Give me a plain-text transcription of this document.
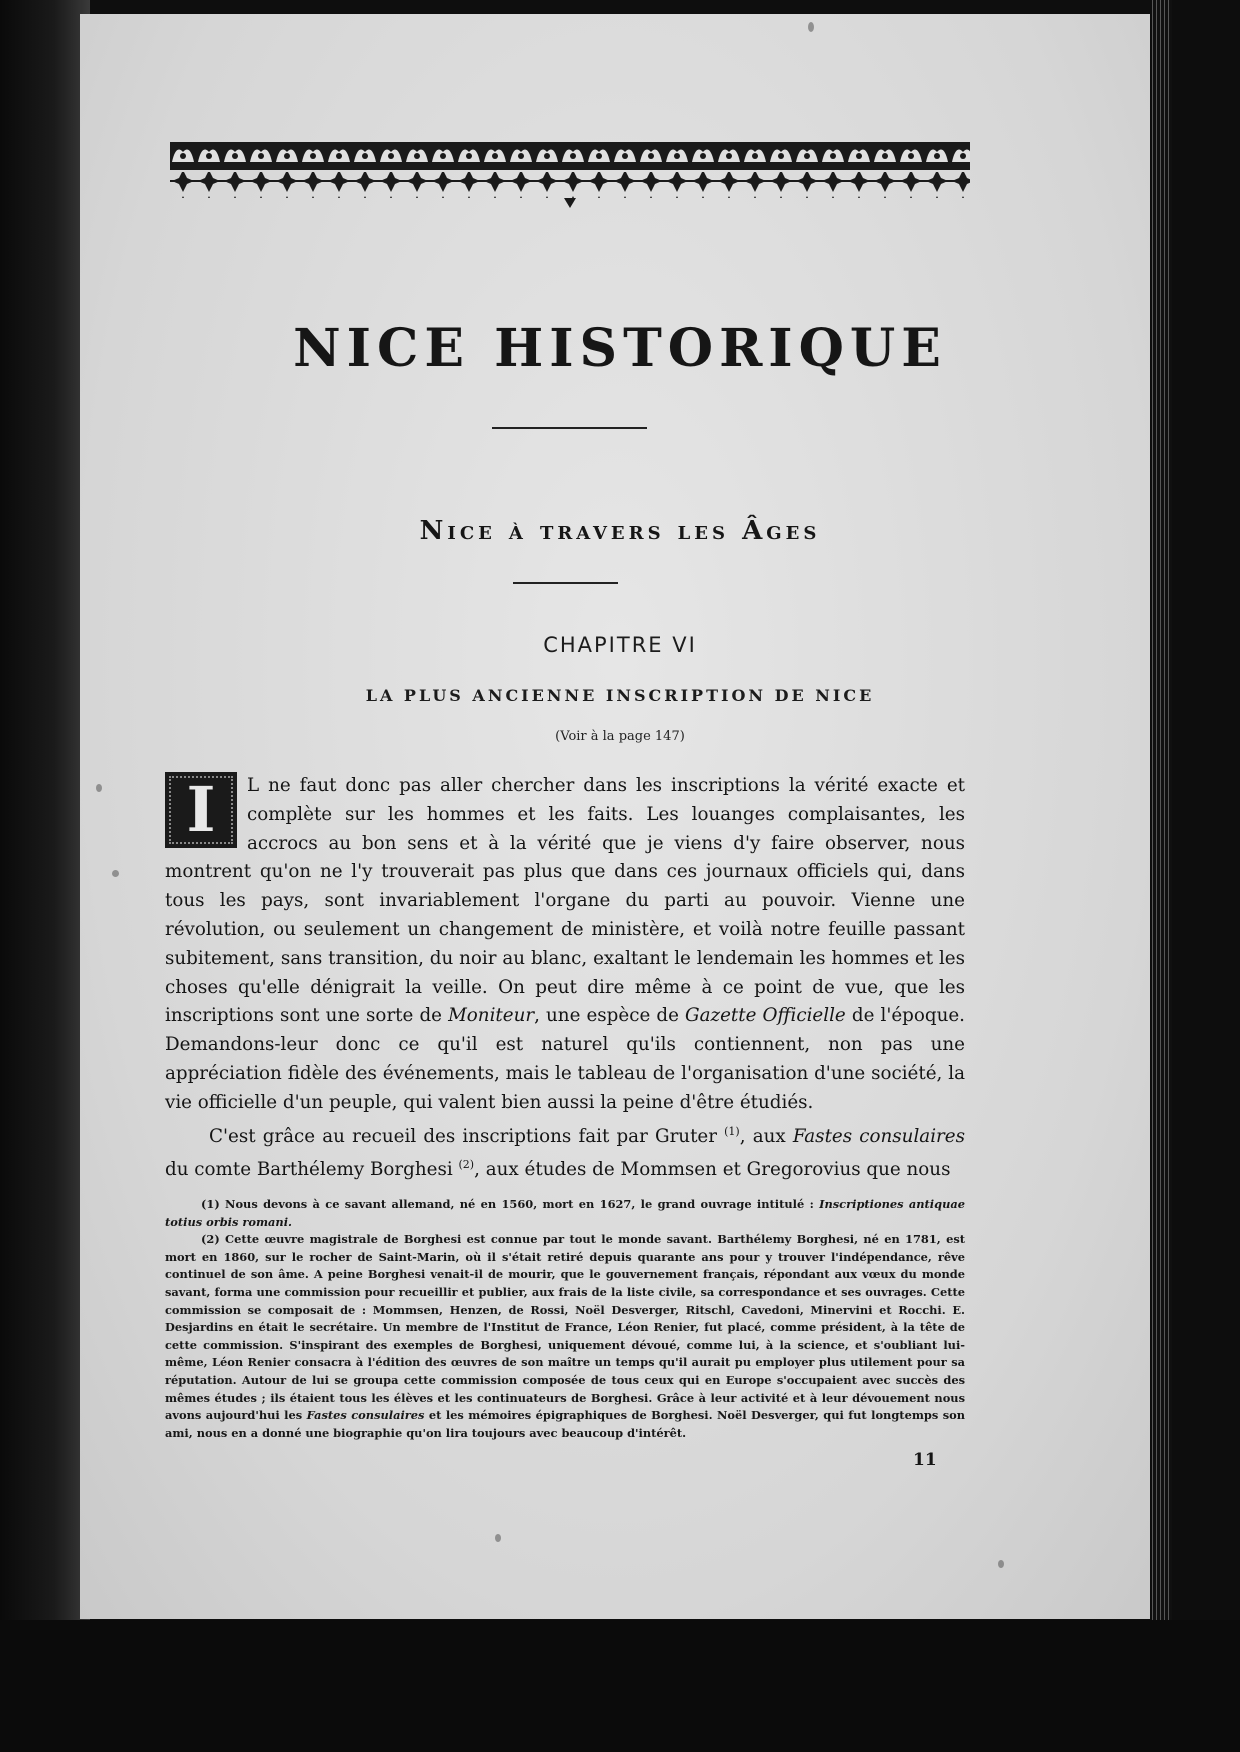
NICE HISTORIQUE
Nice à travers les Âges
CHAPITRE VI
LA PLUS ANCIENNE INSCRIPTION DE NICE
(Voir à la page 147)

I	L ne faut donc pas aller chercher dans les inscriptions la vérité exacte et complète sur les hommes et les faits. Les louanges complaisantes, les accrocs au bon sens et à la vérité que je viens d'y faire observer, nous montrent qu'on ne l'y trouverait pas plus que dans ces journaux officiels qui, dans tous les pays, sont invariablement l'organe du parti au pouvoir. Vienne une révolution, ou seulement un changement de ministère, et voilà notre feuille passant subitement, sans transition, du noir au blanc, exaltant le lendemain les hommes et les choses qu'elle dénigrait la veille. On peut dire même à ce point de vue, que les inscriptions sont une sorte de Moniteur, une espèce de Gazette Officielle de l'époque. Demandons-leur donc ce qu'il est naturel qu'ils contiennent, non pas une appréciation fidèle des événements, mais le tableau de l'organisation d'une société, la vie officielle d'un peuple, qui valent bien aussi la peine d'être étudiés.

C'est grâce au recueil des inscriptions fait par Gruter $^{(1)}$, aux Fastes consulaires du comte Barthélemy Borghesi $^{(2)}$, aux études de Mommsen et Gregorovius que nous

(1) Nous devons à ce savant allemand, né en 1560, mort en 1627, le grand ouvrage intitulé : Inscriptiones antiquae totius orbis romani.

(2) Cette œuvre magistrale de Borghesi est connue par tout le monde savant. Barthélemy Borghesi, né en 1781, est mort en 1860, sur le rocher de Saint-Marin, où il s'était retiré depuis quarante ans pour y trouver l'indépendance, rêve continuel de son âme. A peine Borghesi venait-il de mourir, que le gouvernement français, répondant aux vœux du monde savant, forma une commission pour recueillir et publier, aux frais de la liste civile, sa correspondance et ses ouvrages. Cette commission se composait de : Mommsen, Henzen, de Rossi, Noël Desverger, Ritschl, Cavedoni, Minervini et Rocchi. E. Desjardins en était le secrétaire. Un membre de l'Institut de France, Léon Renier, fut placé, comme président, à la tête de cette commission. S'inspirant des exemples de Borghesi, uniquement dévoué, comme lui, à la science, et s'oubliant lui-même, Léon Renier consacra à l'édition des œuvres de son maître un temps qu'il aurait pu employer plus utilement pour sa réputation. Autour de lui se groupa cette commission composée de tous ceux qui en Europe s'occupaient avec succès des mêmes études ; ils étaient tous les élèves et les continuateurs de Borghesi. Grâce à leur activité et à leur dévouement nous avons aujourd'hui les Fastes consulaires et les mémoires épigraphiques de Borghesi. Noël Desverger, qui fut longtemps son ami, nous en a donné une biographie qu'on lira toujours avec beaucoup d'intérêt.

11
